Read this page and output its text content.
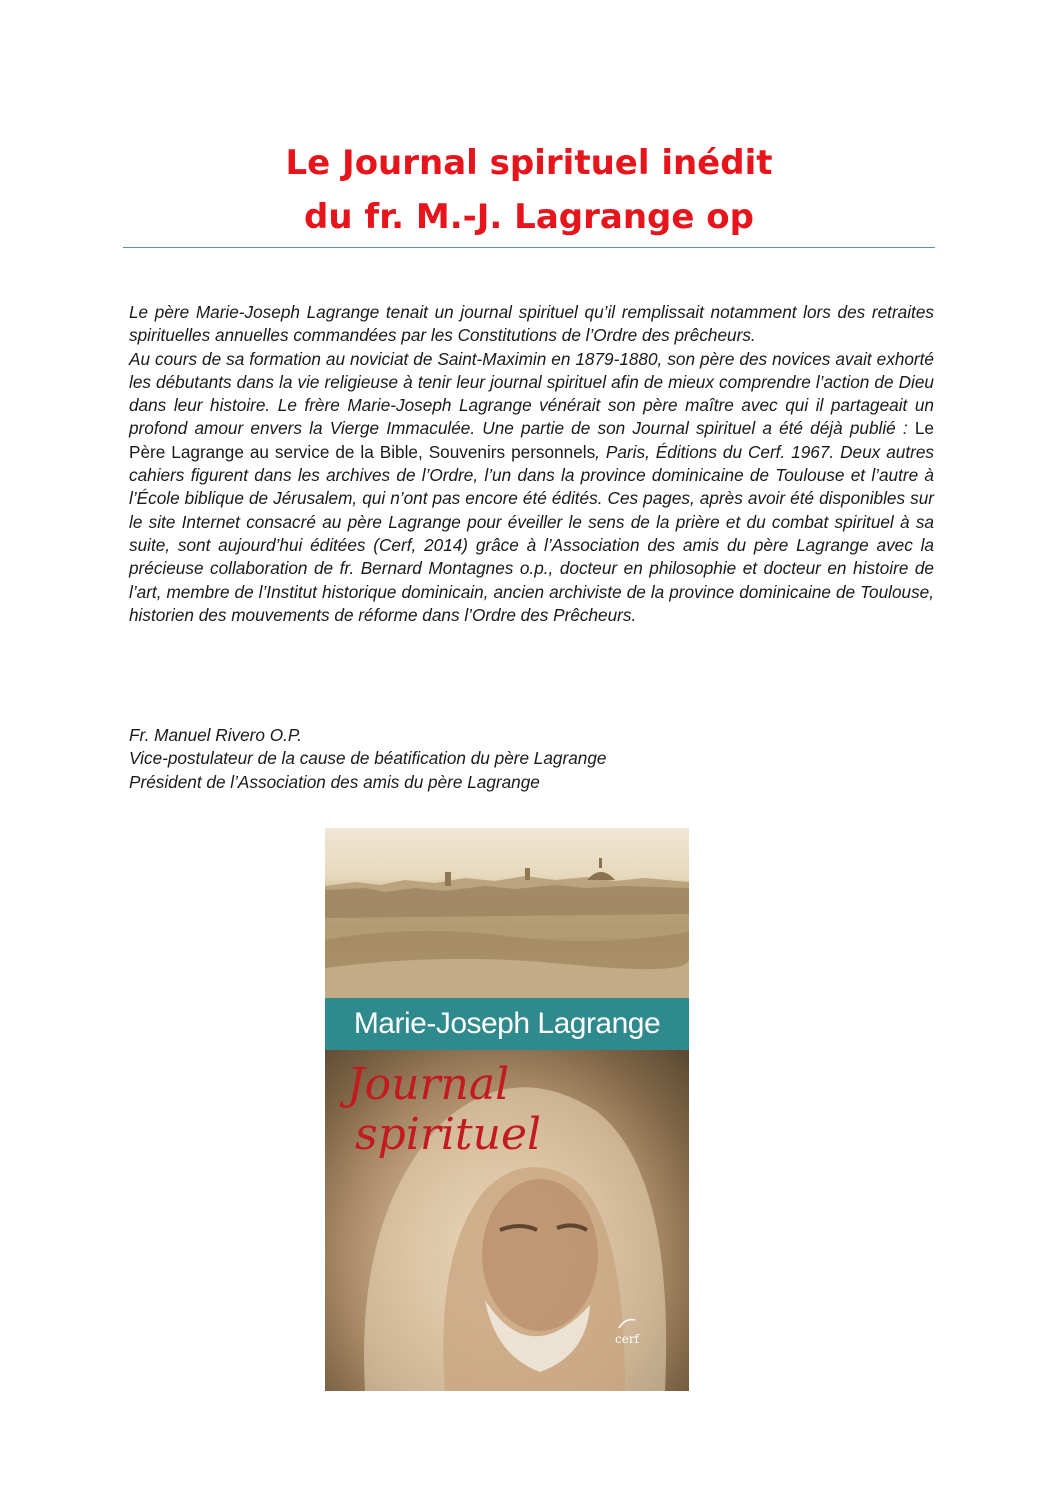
Le Journal spirituel inédit
du fr. M.-J. Lagrange op

Le père Marie-Joseph Lagrange tenait un journal spirituel qu’il remplissait notamment lors des retraites spirituelles annuelles commandées par les Constitutions de l’Ordre des prêcheurs.

Au cours de sa formation au noviciat de Saint-Maximin en 1879-1880, son père des novices avait exhorté les débutants dans la vie religieuse à tenir leur journal spirituel afin de mieux comprendre l’action de Dieu dans leur histoire. Le frère Marie-Joseph Lagrange vénérait son père maître avec qui il partageait un profond amour envers la Vierge Immaculée. Une partie de son Journal spirituel a été déjà publié : Le Père Lagrange au service de la Bible, Souvenirs personnels, Paris, Éditions du Cerf. 1967. Deux autres cahiers figurent dans les archives de l’Ordre, l’un dans la province dominicaine de Toulouse et l’autre à l’École biblique de Jérusalem, qui n’ont pas encore été édités. Ces pages, après avoir été disponibles sur le site Internet consacré au père Lagrange pour éveiller le sens de la prière et du combat spirituel à sa suite, sont aujourd’hui éditées (Cerf, 2014) grâce à l’Association des amis du père Lagrange avec la précieuse collaboration de fr. Bernard Montagnes o.p., docteur en philosophie et docteur en histoire de l’art, membre de l’Institut historique dominicain, ancien archiviste de la province dominicaine de Toulouse, historien des mouvements de réforme dans l’Ordre des Prêcheurs.

Fr. Manuel Rivero O.P.
Vice-postulateur de la cause de béatification du père Lagrange
Président de l’Association des amis du père Lagrange
Marie-Joseph Lagrange
Journal
spirituel
cerf
